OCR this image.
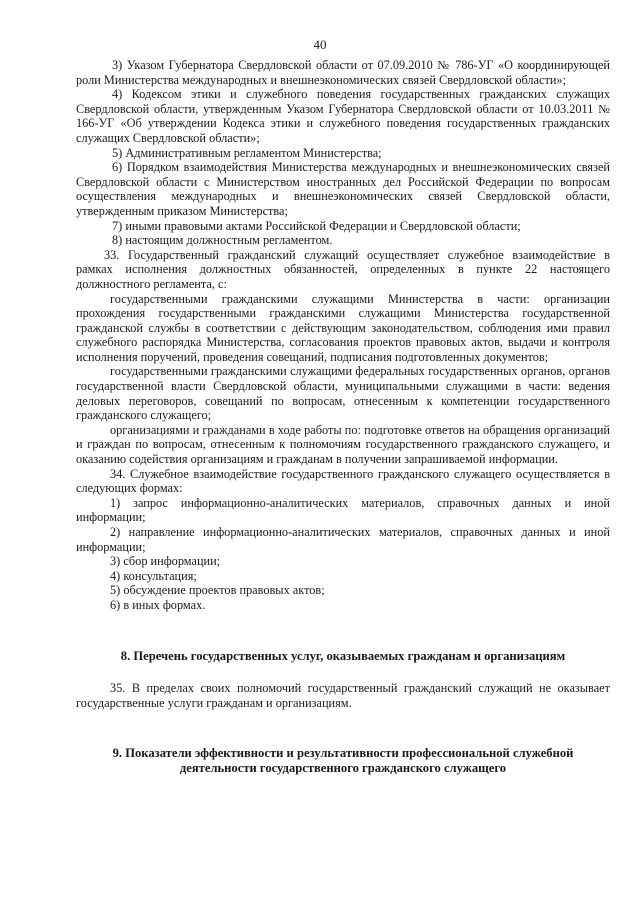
40

3) Указом Губернатора Свердловской области от 07.09.2010 № 786-УГ «О координирующей роли Министерства международных и внешнеэкономических связей Свердловской области»;

4) Кодексом этики и служебного поведения государственных гражданских служащих Свердловской области, утвержденным Указом Губернатора Свердловской области от 10.03.2011 № 166-УГ «Об утверждении Кодекса этики и служебного поведения государственных гражданских служащих Свердловской области»;

5) Административным регламентом Министерства;

6) Порядком взаимодействия Министерства международных и внешнеэкономических связей Свердловской области с Министерством иностранных дел Российской Федерации по вопросам осуществления международных и внешнеэкономических связей Свердловской области, утвержденным приказом Министерства;

7) иными правовыми актами Российской Федерации и Свердловской области;

8) настоящим должностным регламентом.

33. Государственный гражданский служащий осуществляет служебное взаимодействие в рамках исполнения должностных обязанностей, определенных в пункте 22 настоящего должностного регламента, с:

государственными гражданскими служащими Министерства в части: организации прохождения государственными гражданскими служащими Министерства государственной гражданской службы в соответствии с действующим законодательством, соблюдения ими правил служебного распорядка Министерства, согласования проектов правовых актов, выдачи и контроля исполнения поручений, проведения совещаний, подписания подготовленных документов;

государственными гражданскими служащими федеральных государственных органов, органов государственной власти Свердловской области, муниципальными служащими в части: ведения деловых переговоров, совещаний по вопросам, отнесенным к компетенции государственного гражданского служащего;

организациями и гражданами в ходе работы по: подготовке ответов на обращения организаций и граждан по вопросам, отнесенным к полномочиям государственного гражданского служащего, и оказанию содействия организациям и гражданам в получении запрашиваемой информации.

34. Служебное взаимодействие государственного гражданского служащего осуществляется в следующих формах:

1) запрос информационно-аналитических материалов, справочных данных и иной информации;

2) направление информационно-аналитических материалов, справочных данных и иной информации;

3) сбор информации;

4) консультация;

5) обсуждение проектов правовых актов;

6) в иных формах.

8. Перечень государственных услуг, оказываемых гражданам и организациям

35. В пределах своих полномочий государственный гражданский служащий не оказывает государственные услуги гражданам и организациям.

9. Показатели эффективности и результативности профессиональной служебной
деятельности государственного гражданского служащего
